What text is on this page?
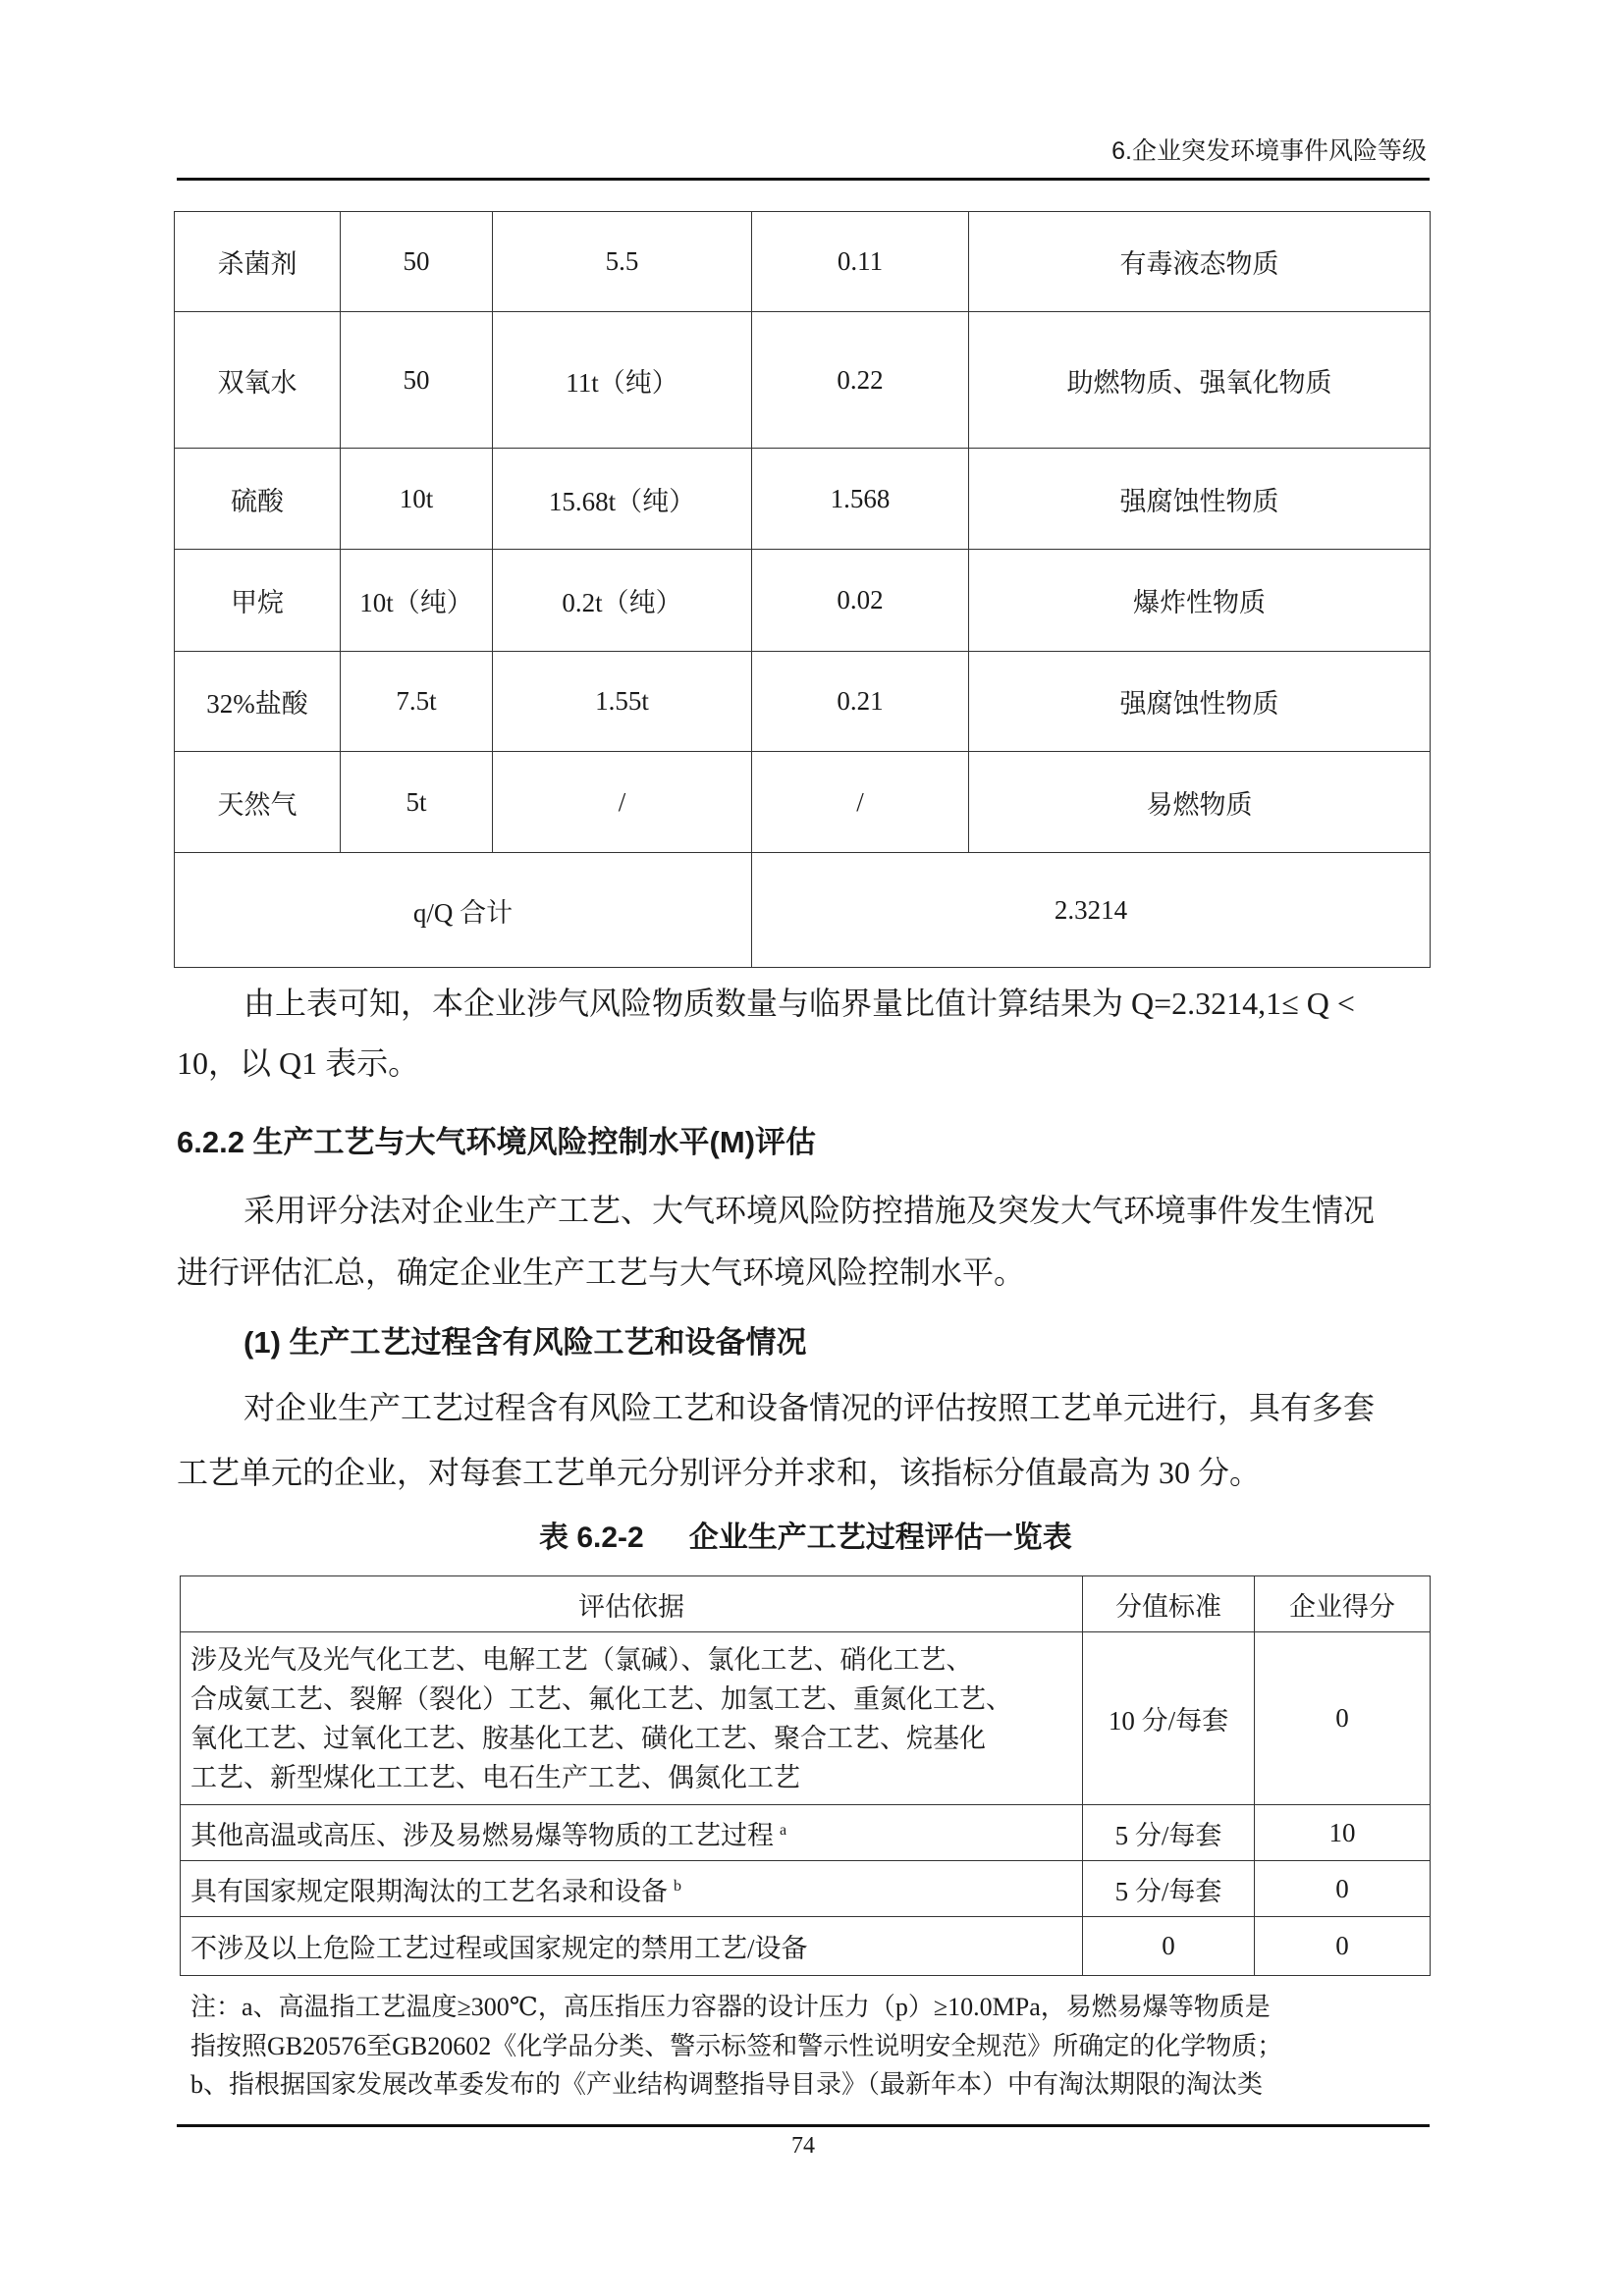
6.企业突发环境事件风险等级
杀菌剂	50	5.5	0.11	有毒液态物质
双氧水	50	11t（纯）	0.22	助燃物质、强氧化物质
硫酸	10t	15.68t（纯）	1.568	强腐蚀性物质
甲烷	10t（纯）	0.2t（纯）	0.02	爆炸性物质
32%盐酸	7.5t	1.55t	0.21	强腐蚀性物质
天然气	5t	/	/	易燃物质
q/Q 合计			2.3214	
由上表可知，本企业涉气风险物质数量与临界量比值计算结果为 Q=2.3214,1≤ Q <
10，以 Q1 表示。
6.2.2 生产工艺与大气环境风险控制水平(M)评估
采用评分法对企业生产工艺、大气环境风险防控措施及突发大气环境事件发生情况
进行评估汇总，确定企业生产工艺与大气环境风险控制水平。
(1) 生产工艺过程含有风险工艺和设备情况
对企业生产工艺过程含有风险工艺和设备情况的评估按照工艺单元进行，具有多套
工艺单元的企业，对每套工艺单元分别评分并求和，该指标分值最高为 30 分。
表 6.2-2 企业生产工艺过程评估一览表
评估依据	分值标准	企业得分

涉及光气及光气化工艺、电解工艺（氯碱）、氯化工艺、硝化工艺、
合成氨工艺、裂解（裂化）工艺、氟化工艺、加氢工艺、重氮化工艺、
氧化工艺、过氧化工艺、胺基化工艺、磺化工艺、聚合工艺、烷基化
工艺、新型煤化工工艺、电石生产工艺、偶氮化工艺	10 分/每套	0
其他高温或高压、涉及易燃易爆等物质的工艺过程 $^a$	5 分/每套	10
具有国家规定限期淘汰的工艺名录和设备 $^b$	5 分/每套	0
不涉及以上危险工艺过程或国家规定的禁用工艺/设备	0	0
注：a、高温指工艺温度≥300℃，高压指压力容器的设计压力（p）≥10.0MPa，易燃易爆等物质是
指按照GB20576至GB20602《化学品分类、警示标签和警示性说明安全规范》所确定的化学物质；
b、指根据国家发展改革委发布的《产业结构调整指导目录》（最新年本）中有淘汰期限的淘汰类
74
